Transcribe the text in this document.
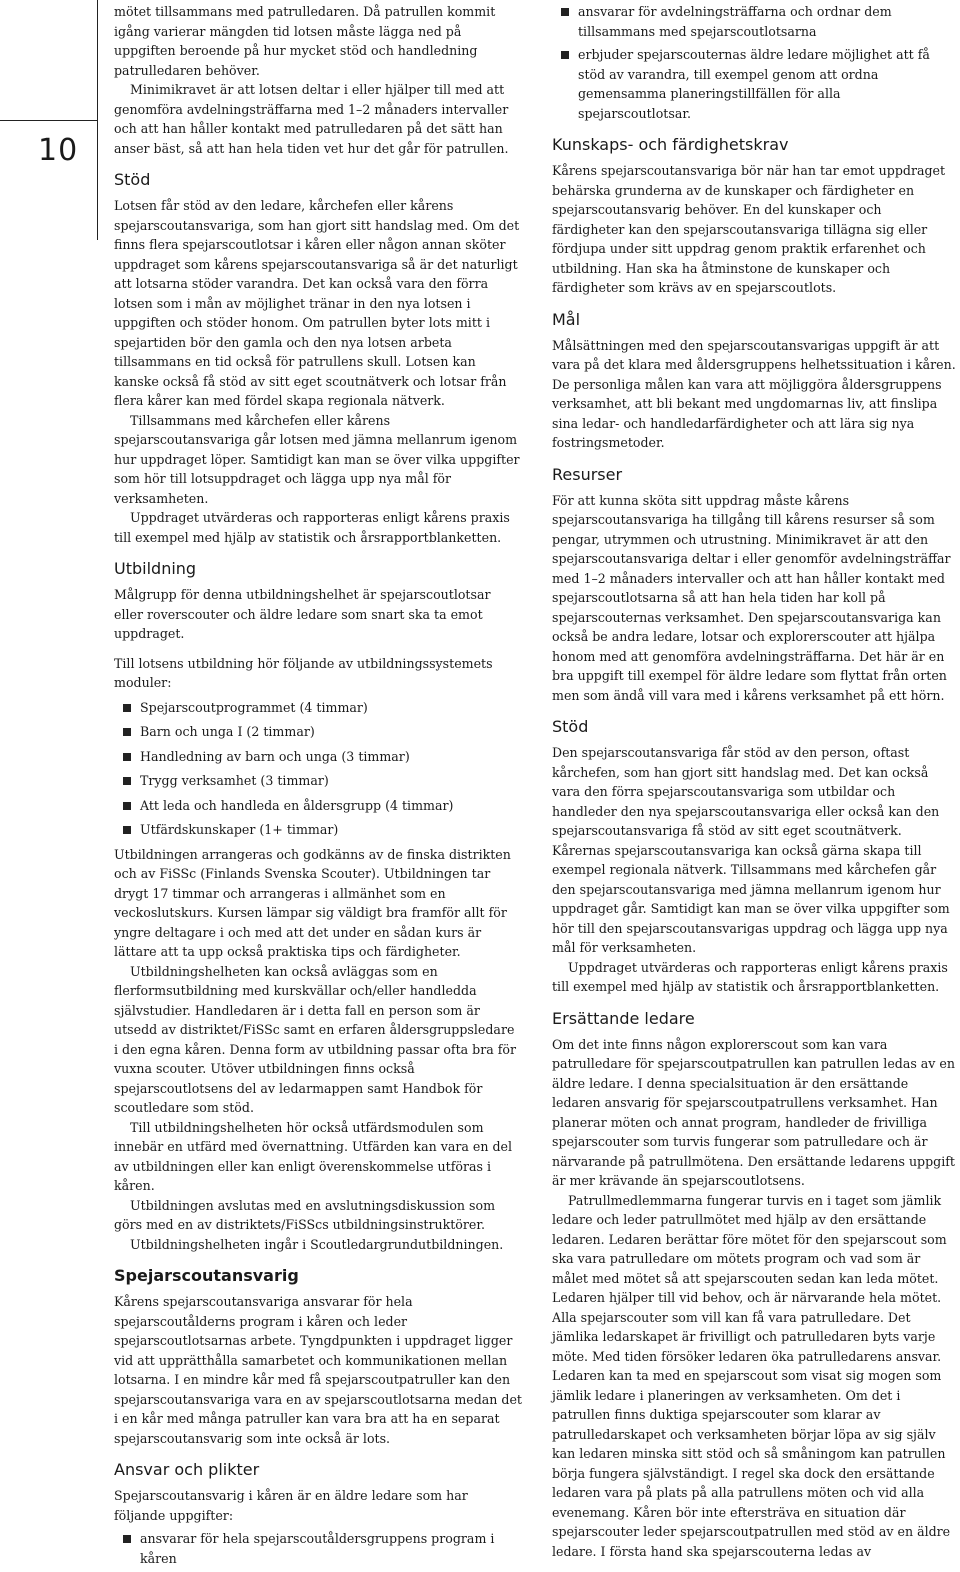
10

mötet tillsammans med patrulledaren. Då patrullen kommit igång varierar mängden tid lotsen måste lägga ned på uppgiften beroende på hur mycket stöd och handledning patrulledaren behöver.

Minimikravet är att lotsen deltar i eller hjälper till med att genomföra avdelningsträffarna med 1–2 månaders intervaller och att han håller kontakt med patrulledaren på det sätt han anser bäst, så att han hela tiden vet hur det går för patrullen.

Stöd

Lotsen får stöd av den ledare, kårchefen eller kårens spejarscoutansvariga, som han gjort sitt handslag med. Om det finns flera spejarscoutlotsar i kåren eller någon annan sköter uppdraget som kårens spejarscoutansvariga så är det naturligt att lotsarna stöder varandra. Det kan också vara den förra lotsen som i mån av möjlighet tränar in den nya lotsen i uppgiften och stöder honom. Om patrullen byter lots mitt i spejartiden bör den gamla och den nya lotsen arbeta tillsammans en tid också för patrullens skull. Lotsen kan kanske också få stöd av sitt eget scoutnätverk och lotsar från flera kårer kan med fördel skapa regionala nätverk.

Tillsammans med kårchefen eller kårens spejarscoutansvariga går lotsen med jämna mellanrum igenom hur uppdraget löper. Samtidigt kan man se över vilka uppgifter som hör till lotsuppdraget och lägga upp nya mål för verksamheten.

Uppdraget utvärderas och rapporteras enligt kårens praxis till exempel med hjälp av statistik och årsrapportblanketten.

Utbildning

Målgrupp för denna utbildningshelhet är spejarscoutlotsar eller roverscouter och äldre ledare som snart ska ta emot uppdraget.

Till lotsens utbildning hör följande av utbildningssystemets moduler:

Spejarscoutprogrammet (4 timmar)
Barn och unga I (2 timmar)
Handledning av barn och unga (3 timmar)
Trygg verksamhet (3 timmar)
Att leda och handleda en åldersgrupp (4 timmar)
Utfärdskunskaper (1+ timmar)

Utbildningen arrangeras och godkänns av de finska distrikten och av FiSSc (Finlands Svenska Scouter). Utbildningen tar drygt 17 timmar och arrangeras i allmänhet som en veckoslutskurs. Kursen lämpar sig väldigt bra framför allt för yngre deltagare i och med att det under en sådan kurs är lättare att ta upp också praktiska tips och färdigheter.

Utbildningshelheten kan också avläggas som en flerformsutbildning med kurskvällar och/eller handledda självstudier. Handledaren är i detta fall en person som är utsedd av distriktet/FiSSc samt en erfaren åldersgruppsledare i den egna kåren. Denna form av utbildning passar ofta bra för vuxna scouter. Utöver utbildningen finns också spejarscoutlotsens del av ledarmappen samt Handbok för scoutledare som stöd.

Till utbildningshelheten hör också utfärdsmodulen som innebär en utfärd med övernattning. Utfärden kan vara en del av utbildningen eller kan enligt överenskommelse utföras i kåren.

Utbildningen avslutas med en avslutningsdiskussion som görs med en av distriktets/FiSScs utbildningsinstruktörer.

Utbildningshelheten ingår i Scoutledargrundutbildningen.

Spejarscoutansvarig

Kårens spejarscoutansvariga ansvarar för hela spejarscoutålderns program i kåren och leder spejarscoutlotsarnas arbete. Tyngdpunkten i uppdraget ligger vid att upprätthålla samarbetet och kommunikationen mellan lotsarna. I en mindre kår med få spejarscoutpatruller kan den spejarscoutansvariga vara en av spejarscoutlotsarna medan det i en kår med många patruller kan vara bra att ha en separat spejarscoutansvarig som inte också är lots.

Ansvar och plikter

Spejarscoutansvarig i kåren är en äldre ledare som har följande uppgifter:

ansvarar för hela spejarscoutåldersgruppens program i kåren
ansvarar för avdelningsträffarna och ordnar dem tillsammans med spejarscoutlotsarna
erbjuder spejarscouternas äldre ledare möjlighet att få stöd av varandra, till exempel genom att ordna gemensamma planeringstillfällen för alla spejarscoutlotsar.
Kunskaps- och färdighetskrav

Kårens spejarscoutansvariga bör när han tar emot uppdraget behärska grunderna av de kunskaper och färdigheter en spejarscoutansvarig behöver. En del kunskaper och färdigheter kan den spejarscoutansvariga tillägna sig eller fördjupa under sitt uppdrag genom praktik erfarenhet och utbildning. Han ska ha åtminstone de kunskaper och färdigheter som krävs av en spejarscoutlots.

Mål

Målsättningen med den spejarscoutansvarigas uppgift är att vara på det klara med åldersgruppens helhetssituation i kåren. De personliga målen kan vara att möjliggöra åldersgruppens verksamhet, att bli bekant med ungdomarnas liv, att finslipa sina ledar- och handledarfärdigheter och att lära sig nya fostringsmetoder.

Resurser

För att kunna sköta sitt uppdrag måste kårens spejarscoutansvariga ha tillgång till kårens resurser så som pengar, utrymmen och utrustning. Minimikravet är att den spejarscoutansvariga deltar i eller genomför avdelningsträffar med 1–2 månaders intervaller och att han håller kontakt med spejarscoutlotsarna så att han hela tiden har koll på spejarscouternas verksamhet. Den spejarscoutansvariga kan också be andra ledare, lotsar och explorerscouter att hjälpa honom med att genomföra avdelningsträffarna. Det här är en bra uppgift till exempel för äldre ledare som flyttat från orten men som ändå vill vara med i kårens verksamhet på ett hörn.

Stöd

Den spejarscoutansvariga får stöd av den person, oftast kårchefen, som han gjort sitt handslag med. Det kan också vara den förra spejarscoutansvariga som utbildar och handleder den nya spejarscoutansvariga eller också kan den spejarscoutansvariga få stöd av sitt eget scoutnätverk. Kårernas spejarscoutansvariga kan också gärna skapa till exempel regionala nätverk. Tillsammans med kårchefen går den spejarscoutansvariga med jämna mellanrum igenom hur uppdraget går. Samtidigt kan man se över vilka uppgifter som hör till den spejarscoutansvarigas uppdrag och lägga upp nya mål för verksamheten.

Uppdraget utvärderas och rapporteras enligt kårens praxis till exempel med hjälp av statistik och årsrapportblanketten.

Ersättande ledare

Om det inte finns någon explorerscout som kan vara patrulledare för spejarscoutpatrullen kan patrullen ledas av en äldre ledare. I denna specialsituation är den ersättande ledaren ansvarig för spejarscoutpatrullens verksamhet. Han planerar möten och annat program, handleder de frivilliga spejarscouter som turvis fungerar som patrulledare och är närvarande på patrullmötena. Den ersättande ledarens uppgift är mer krävande än spejarscoutlotsens.

Patrullmedlemmarna fungerar turvis en i taget som jämlik ledare och leder patrullmötet med hjälp av den ersättande ledaren. Ledaren berättar före mötet för den spejarscout som ska vara patrulledare om mötets program och vad som är målet med mötet så att spejarscouten sedan kan leda mötet. Ledaren hjälper till vid behov, och är närvarande hela mötet. Alla spejarscouter som vill kan få vara patrulledare. Det jämlika ledarskapet är frivilligt och patrulledaren byts varje möte. Med tiden försöker ledaren öka patrulledarens ansvar. Ledaren kan ta med en spejarscout som visat sig mogen som jämlik ledare i planeringen av verksamheten. Om det i patrullen finns duktiga spejarscouter som klarar av patrulledarskapet och verksamheten börjar löpa av sig själv kan ledaren minska sitt stöd och så småningom kan patrullen börja fungera självständigt. I regel ska dock den ersättande ledaren vara på plats på alla patrullens möten och vid alla evenemang. Kåren bör inte eftersträva en situation där spejarscouter leder spejarscoutpatrullen med stöd av en äldre ledare. I första hand ska spejarscouterna ledas av
